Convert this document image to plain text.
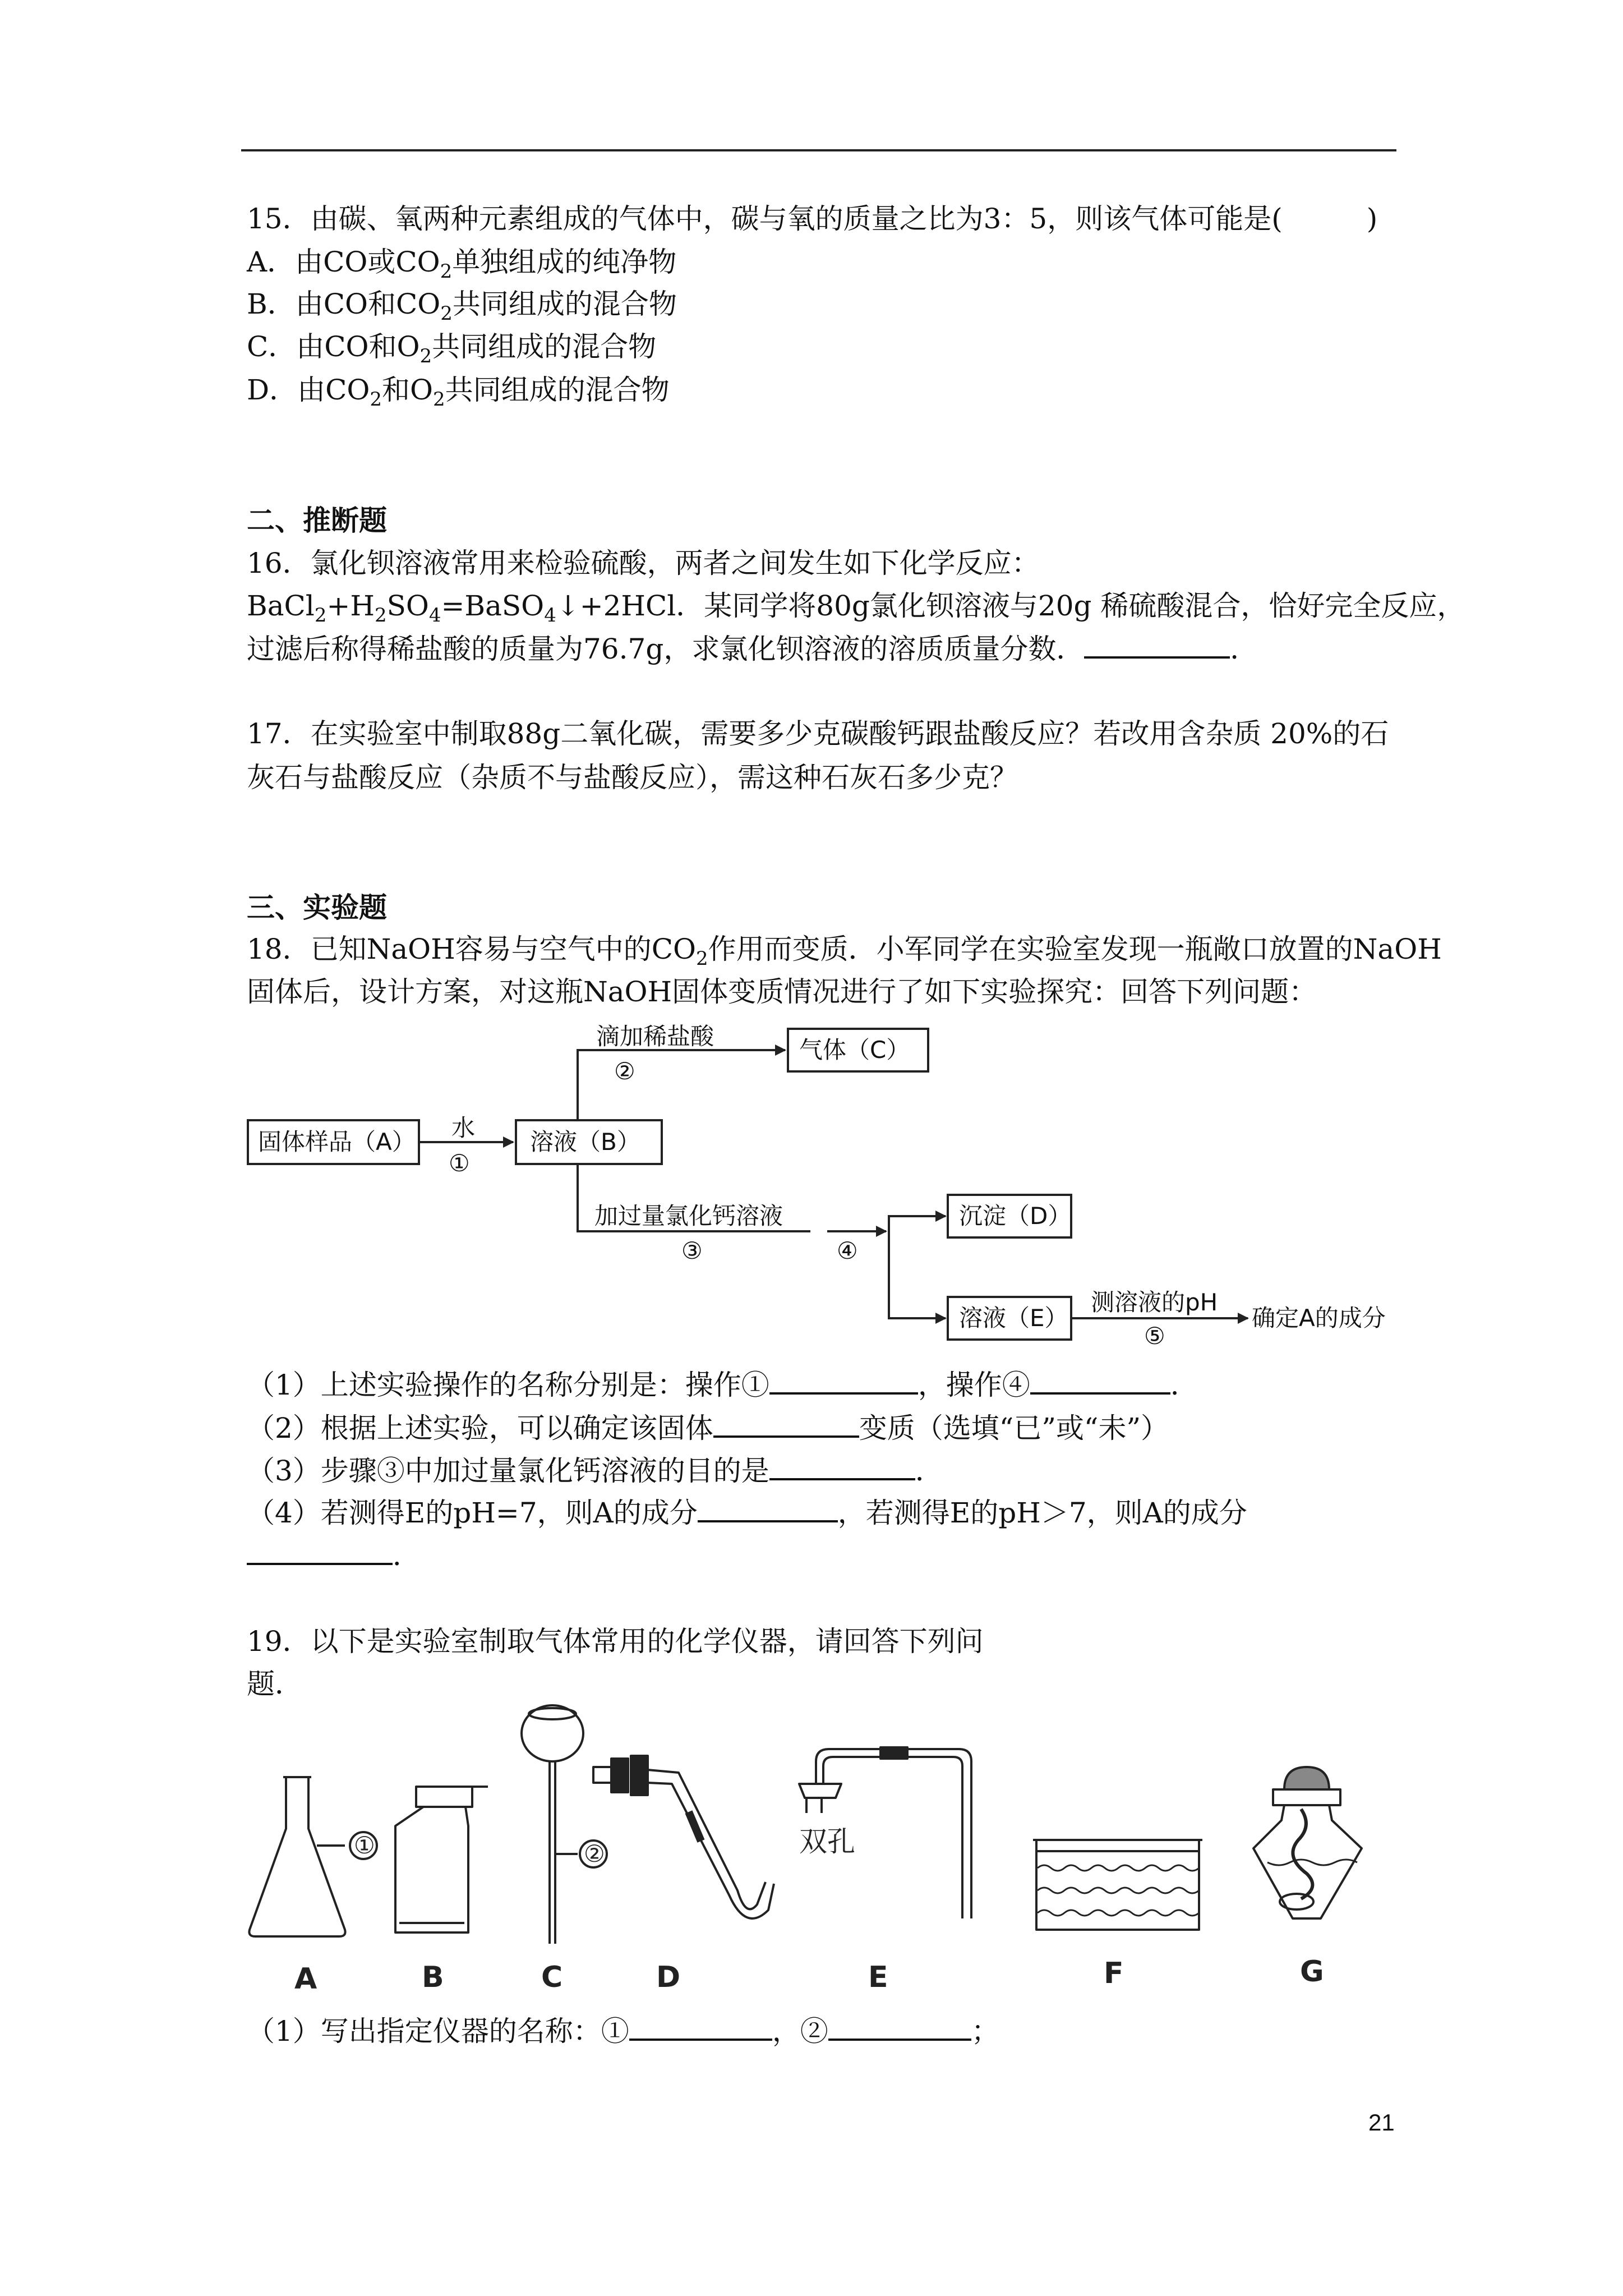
15．由碳、氧两种元素组成的气体中，碳与氧的质量之比为3：5，则该气体可能是(　　　)
A．由CO或$CO_2$单独组成的纯净物
B．由CO和$CO_2$共同组成的混合物
C．由CO和$O_2$共同组成的混合物
D．由$CO_2$和$O_2$共同组成的混合物
二、推断题
16．氯化钡溶液常用来检验硫酸，两者之间发生如下化学反应：
$BaCl_2+H_2SO_4=BaSO_4↓+2HCl$．某同学将80g氯化钡溶液与20g 稀硫酸混合，恰好完全反应，
过滤后称得稀盐酸的质量为76.7g，求氯化钡溶液的溶质质量分数．	．
17．在实验室中制取88g二氧化碳，需要多少克碳酸钙跟盐酸反应？若改用含杂质 20%的石
灰石与盐酸反应（杂质不与盐酸反应），需这种石灰石多少克？
三、实验题
18．已知NaOH容易与空气中的$CO_2$作用而变质．小军同学在实验室发现一瓶敞口放置的NaOH
固体后，设计方案，对这瓶NaOH固体变质情况进行了如下实验探究：回答下列问题：
固体样品（A）	溶液（B）
气体（C）
沉淀（D）
溶液（E）	确定A的成分
水
①
滴加稀盐酸
②
加过量氯化钙溶液
③	④
测溶液的pH
⑤
（1）上述实验操作的名称分别是：操作①	，操作④	．
（2）根据上述实验，可以确定该固体	变质（选填“已”或“未”）
（3）步骤③中加过量氯化钙溶液的目的是	．
（4）若测得E的pH=7，则A的成分	，若测得E的pH＞7，则A的成分
．
19．以下是实验室制取气体常用的化学仪器，请回答下列问
题．
A	B	C	D	E	F	G
①	②	双孔
（1）写出指定仪器的名称：①	，②	；
21
